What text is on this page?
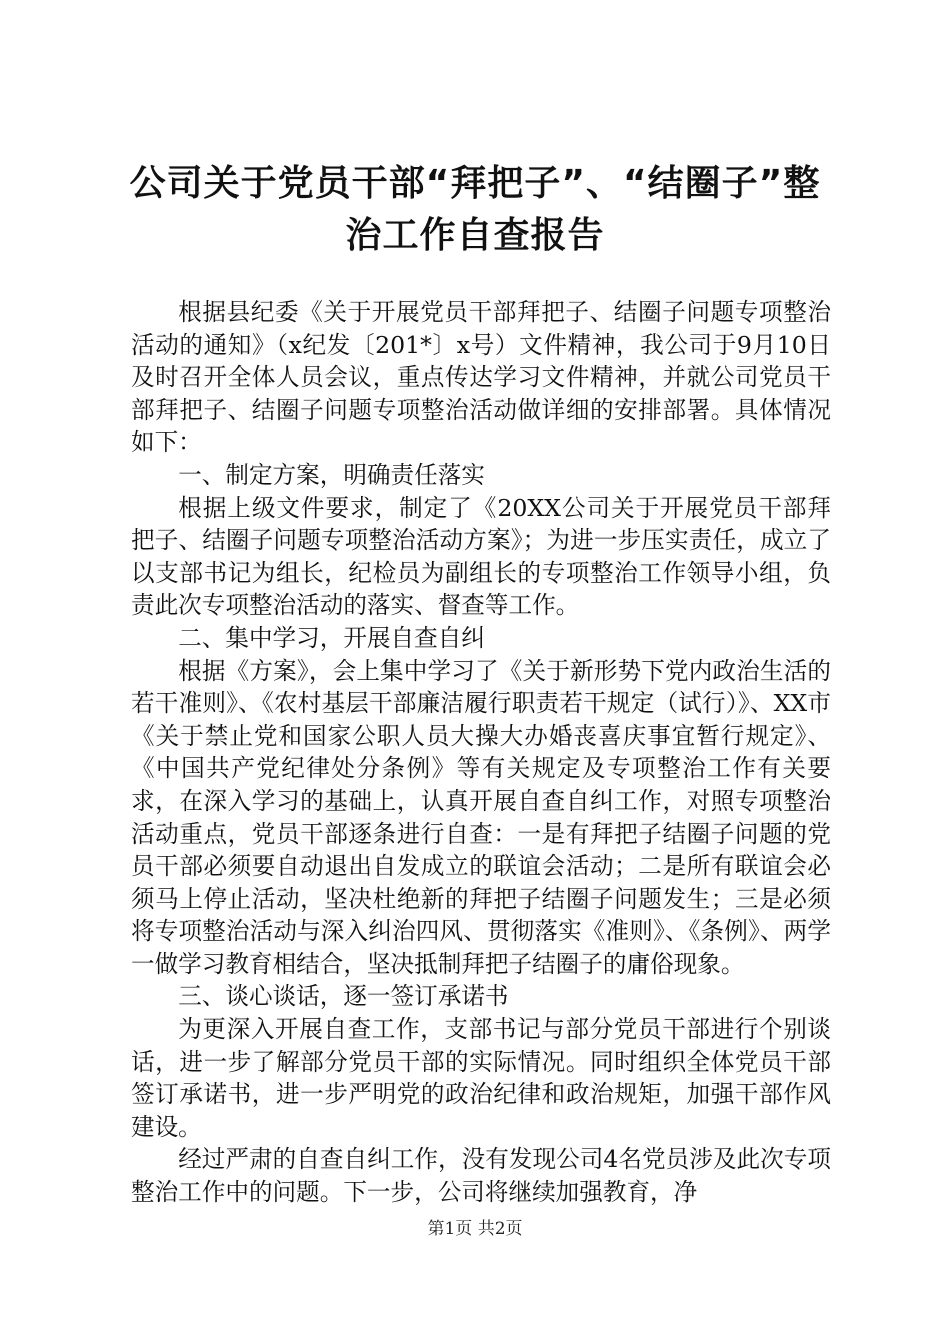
公司关于党员干部“拜把子”、“结圈子”整
治工作自查报告

根据县纪委《关于开展党员干部拜把子、结圈子问题专项整治活动的通知》（x纪发〔201*〕x号）文件精神，我公司于9月10日及时召开全体人员会议，重点传达学习文件精神，并就公司党员干部拜把子、结圈子问题专项整治活动做详细的安排部署。具体情况如下：

一、制定方案，明确责任落实

根据上级文件要求，制定了《20XX公司关于开展党员干部拜把子、结圈子问题专项整治活动方案》；为进一步压实责任，成立了以支部书记为组长，纪检员为副组长的专项整治工作领导小组，负责此次专项整治活动的落实、督查等工作。

二、集中学习，开展自查自纠

根据《方案》，会上集中学习了《关于新形势下党内政治生活的若干准则》、《农村基层干部廉洁履行职责若干规定（试行）》、XX市《关于禁止党和国家公职人员大操大办婚丧喜庆事宜暂行规定》、《中国共产党纪律处分条例》等有关规定及专项整治工作有关要求，在深入学习的基础上，认真开展自查自纠工作，对照专项整治活动重点，党员干部逐条进行自查：一是有拜把子结圈子问题的党员干部必须要自动退出自发成立的联谊会活动；二是所有联谊会必须马上停止活动，坚决杜绝新的拜把子结圈子问题发生；三是必须将专项整治活动与深入纠治四风、贯彻落实《准则》、《条例》、两学一做学习教育相结合，坚决抵制拜把子结圈子的庸俗现象。

三、谈心谈话，逐一签订承诺书

为更深入开展自查工作，支部书记与部分党员干部进行个别谈话，进一步了解部分党员干部的实际情况。同时组织全体党员干部签订承诺书，进一步严明党的政治纪律和政治规矩，加强干部作风建设。

经过严肃的自查自纠工作，没有发现公司4名党员涉及此次专项整治工作中的问题。下一步，公司将继续加强教育，净

第1页 共2页
